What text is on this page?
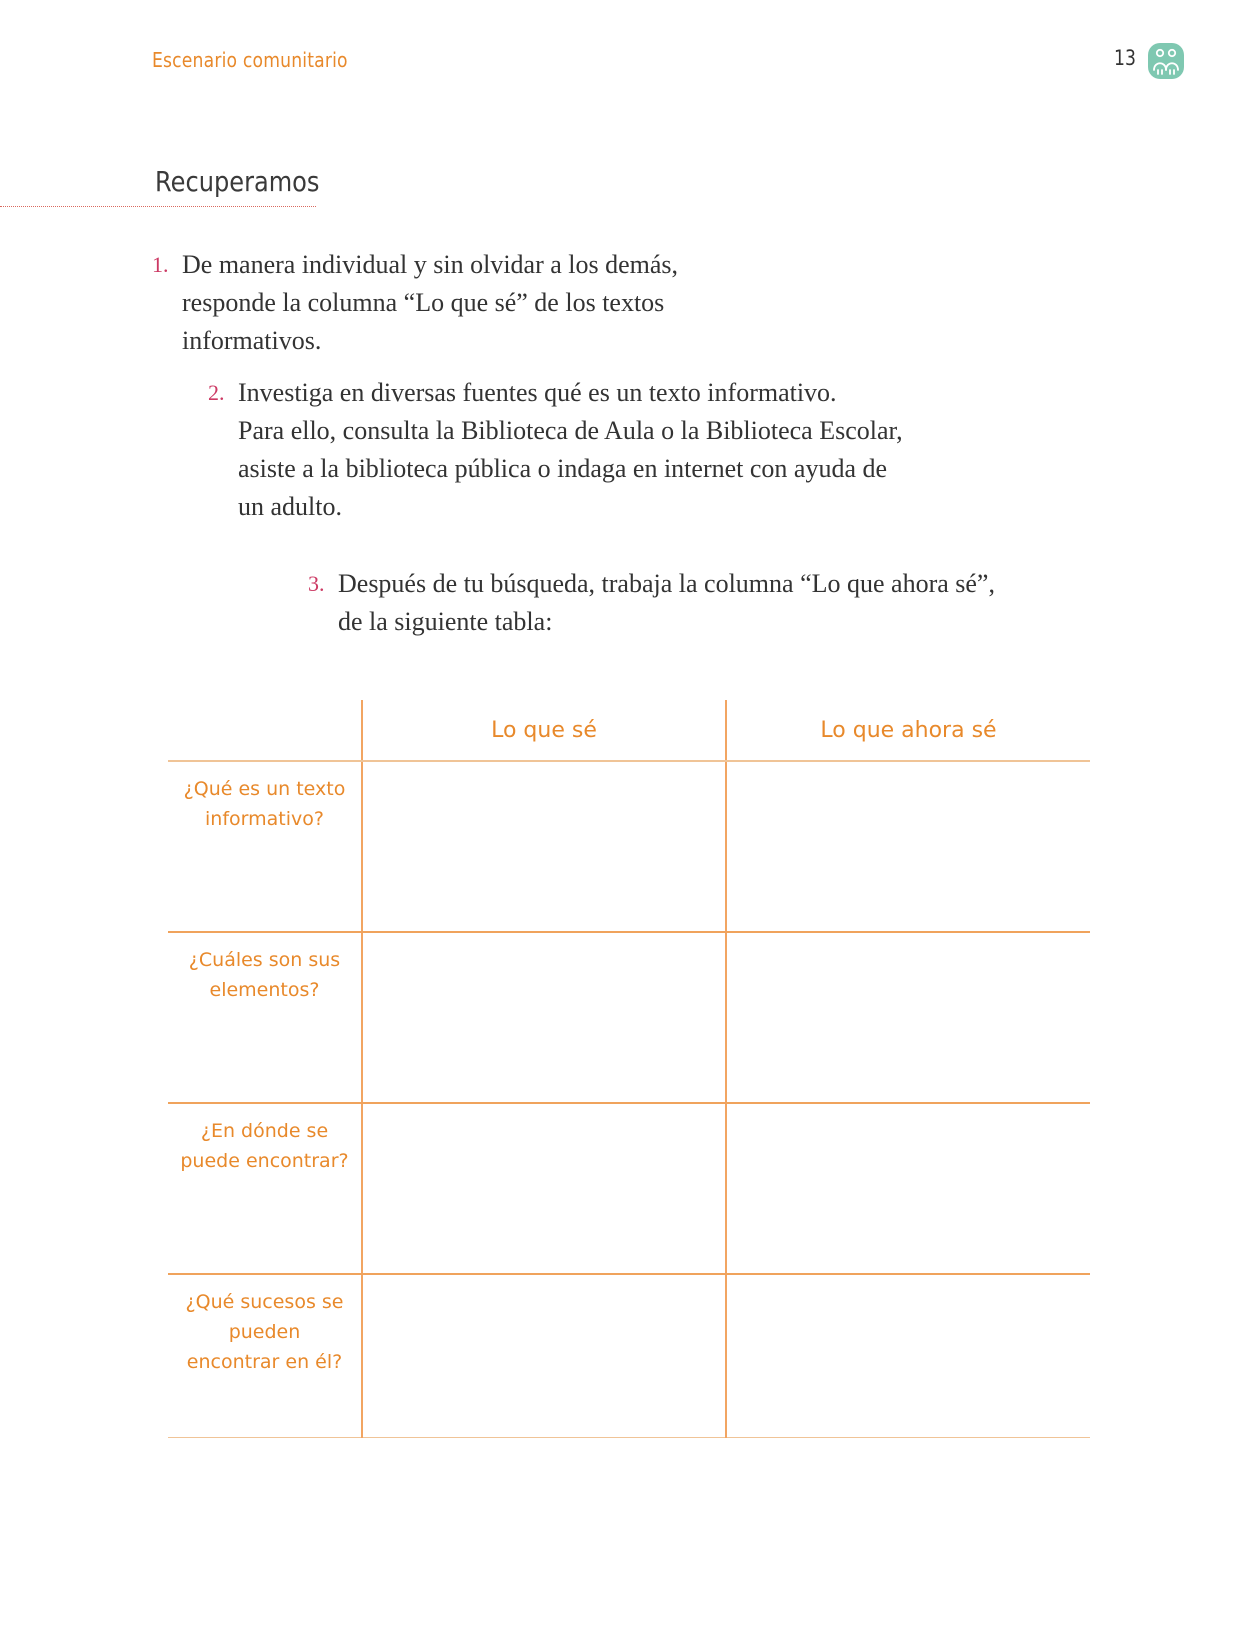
Escenario comunitario	13
Recuperamos
1. De manera individual y sin olvidar a los demás,

responde la columna “Lo que sé” de los textos

informativos.

2. Investiga en diversas fuentes qué es un texto informativo.

Para ello, consulta la Biblioteca de Aula o la Biblioteca Escolar,

asiste a la biblioteca pública o indaga en internet con ayuda de

un adulto.

3. Después de tu búsqueda, trabaja la columna “Lo que ahora sé”,

de la siguiente tabla:

	Lo que sé	Lo que ahora sé
¿Qué es un texto informativo?		
¿Cuáles son sus elementos?		
¿En dónde se puede encontrar?		
¿Qué sucesos se pueden encontrar en él?		
